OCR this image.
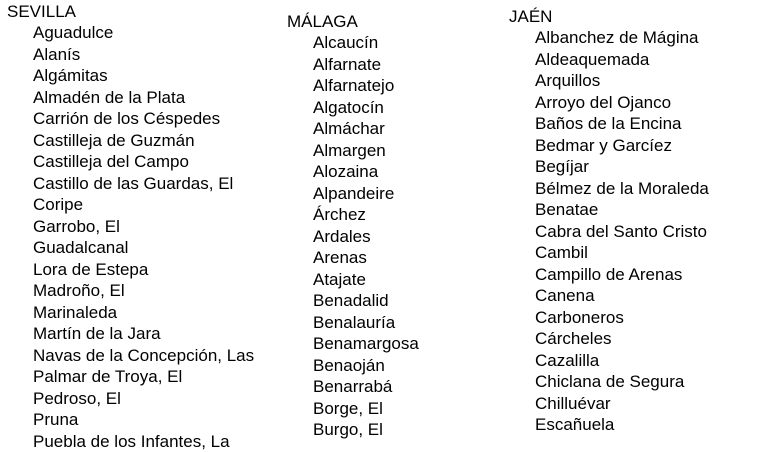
SEVILLA
Aguadulce
Alanís
Algámitas
Almadén de la Plata
Carrión de los Céspedes
Castilleja de Guzmán
Castilleja del Campo
Castillo de las Guardas, El
Coripe
Garrobo, El
Guadalcanal
Lora de Estepa
Madroño, El
Marinaleda
Martín de la Jara
Navas de la Concepción, Las
Palmar de Troya, El
Pedroso, El
Pruna
Puebla de los Infantes, La
MÁLAGA
Alcaucín
Alfarnate
Alfarnatejo
Algatocín
Almáchar
Almargen
Alozaina
Alpandeire
Árchez
Ardales
Arenas
Atajate
Benadalid
Benalauría
Benamargosa
Benaoján
Benarrabá
Borge, El
Burgo, El
JAÉN
Albanchez de Mágina
Aldeaquemada
Arquillos
Arroyo del Ojanco
Baños de la Encina
Bedmar y Garcíez
Begíjar
Bélmez de la Moraleda
Benatae
Cabra del Santo Cristo
Cambil
Campillo de Arenas
Canena
Carboneros
Cárcheles
Cazalilla
Chiclana de Segura
Chilluévar
Escañuela
